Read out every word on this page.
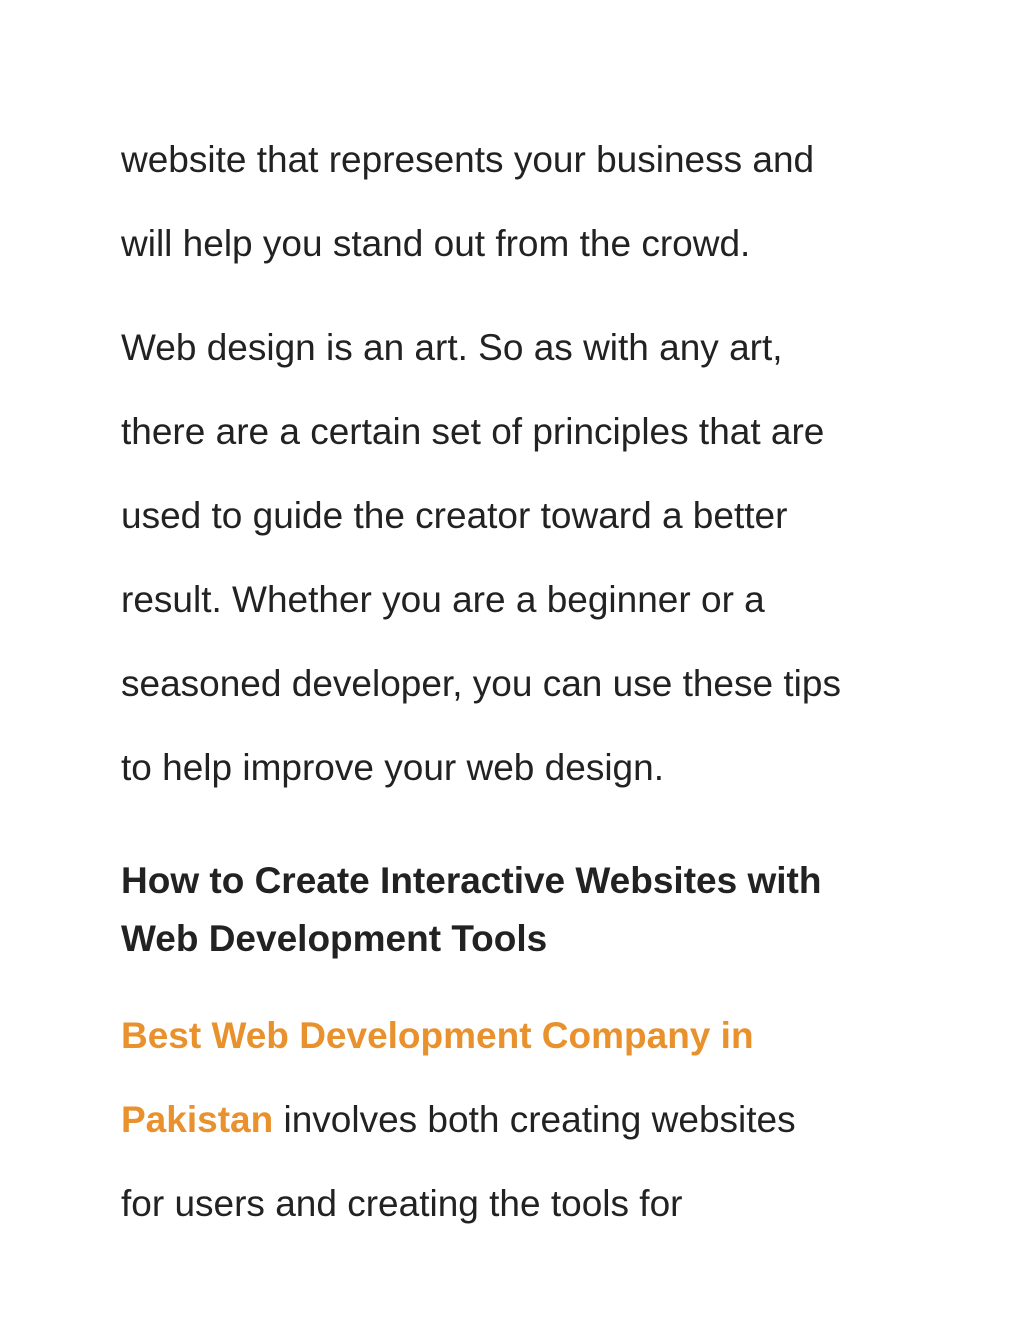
website that represents your business and
will help you stand out from the crowd.

Web design is an art. So as with any art,
there are a certain set of principles that are
used to guide the creator toward a better
result. Whether you are a beginner or a
seasoned developer, you can use these tips
to help improve your web design.

How to Create Interactive Websites with
Web Development Tools

Best Web Development Company in
Pakistan involves both creating websites
for users and creating the tools for
